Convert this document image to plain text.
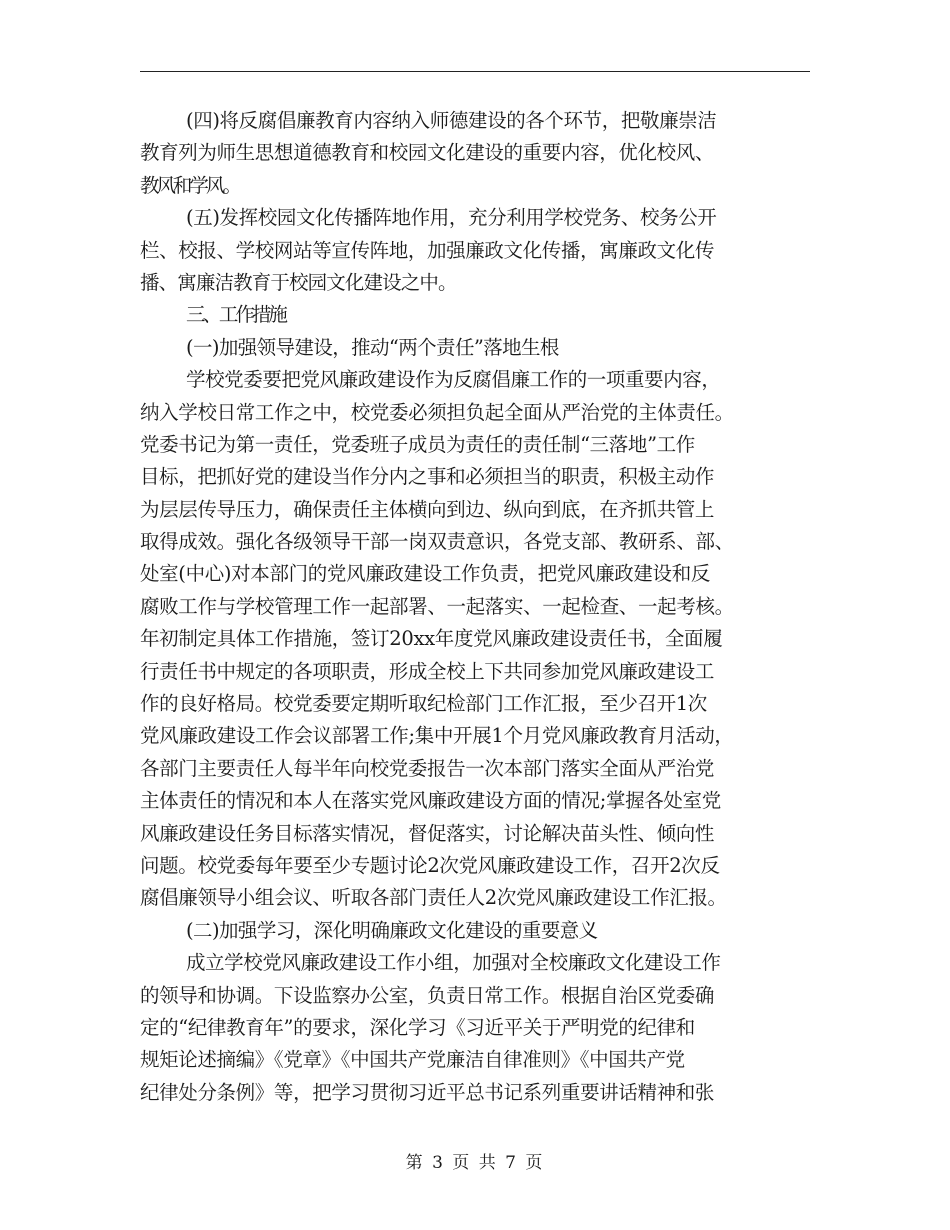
(四)将反腐倡廉教育内容纳入师德建设的各个环节，把敬廉崇洁
教育列为师生思想道德教育和校园文化建设的重要内容，优化校风、
教风和学风。
(五)发挥校园文化传播阵地作用，充分利用学校党务、校务公开
栏、校报、学校网站等宣传阵地，加强廉政文化传播，寓廉政文化传
播、寓廉洁教育于校园文化建设之中。
三、工作措施
(一)加强领导建设，推动“两个责任”落地生根
学校党委要把党风廉政建设作为反腐倡廉工作的一项重要内容，
纳入学校日常工作之中，校党委必须担负起全面从严治党的主体责任。
党委书记为第一责任，党委班子成员为责任的责任制“三落地”工作
目标，把抓好党的建设当作分内之事和必须担当的职责，积极主动作
为层层传导压力，确保责任主体横向到边、纵向到底，在齐抓共管上
取得成效。强化各级领导干部一岗双责意识，各党支部、教研系、部、
处室(中心)对本部门的党风廉政建设工作负责，把党风廉政建设和反
腐败工作与学校管理工作一起部署、一起落实、一起检查、一起考核。
年初制定具体工作措施，签订20xx年度党风廉政建设责任书，全面履
行责任书中规定的各项职责，形成全校上下共同参加党风廉政建设工
作的良好格局。校党委要定期听取纪检部门工作汇报，至少召开1次
党风廉政建设工作会议部署工作;集中开展1个月党风廉政教育月活动，
各部门主要责任人每半年向校党委报告一次本部门落实全面从严治党
主体责任的情况和本人在落实党风廉政建设方面的情况;掌握各处室党
风廉政建设任务目标落实情况，督促落实，讨论解决苗头性、倾向性
问题。校党委每年要至少专题讨论2次党风廉政建设工作，召开2次反
腐倡廉领导小组会议、听取各部门责任人2次党风廉政建设工作汇报。
(二)加强学习，深化明确廉政文化建设的重要意义
成立学校党风廉政建设工作小组，加强对全校廉政文化建设工作
的领导和协调。下设监察办公室，负责日常工作。根据自治区党委确
定的“纪律教育年”的要求，深化学习《习近平关于严明党的纪律和
规矩论述摘编》《党章》《中国共产党廉洁自律准则》《中国共产党
纪律处分条例》等，把学习贯彻习近平总书记系列重要讲话精神和张
第 3 页 共 7 页
